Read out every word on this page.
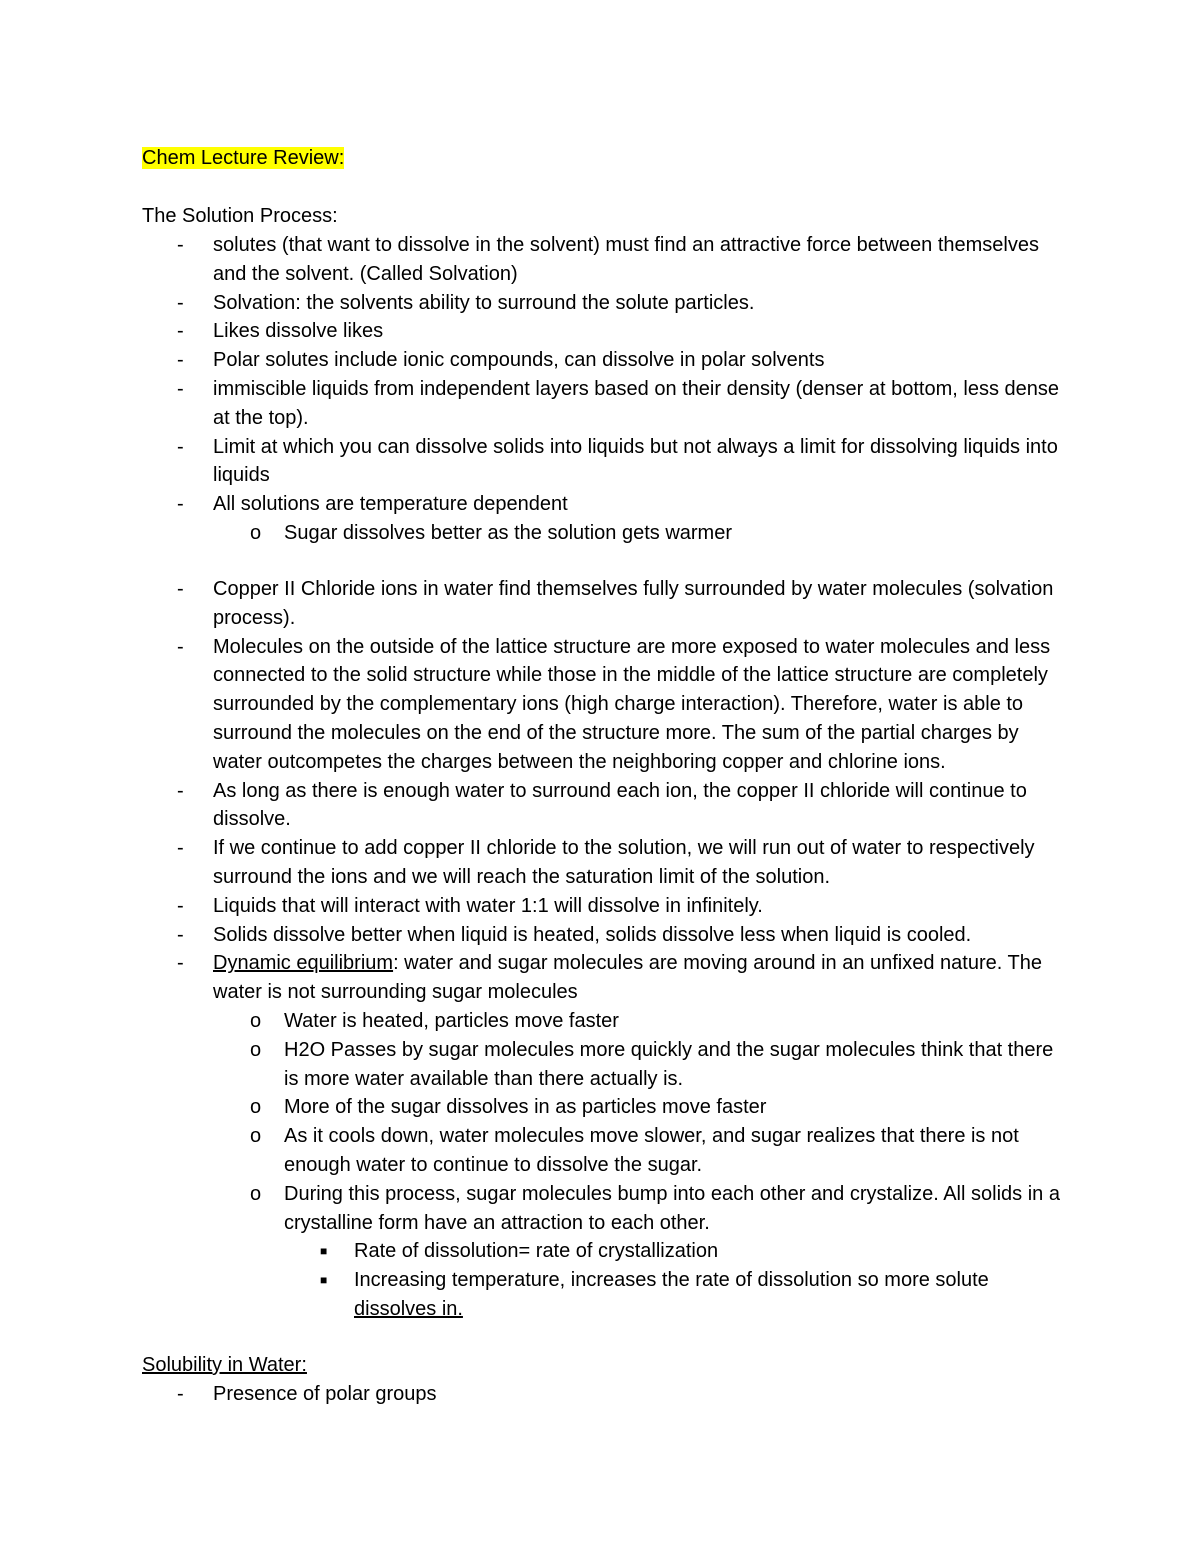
Chem Lecture Review:
The Solution Process:
- solutes (that want to dissolve in the solvent) must find an attractive force between themselves and the solvent. (Called Solvation)
- Solvation: the solvents ability to surround the solute particles.
- Likes dissolve likes
- Polar solutes include ionic compounds, can dissolve in polar solvents
- immiscible liquids from independent layers based on their density (denser at bottom, less dense at the top).
- Limit at which you can dissolve solids into liquids but not always a limit for dissolving liquids into liquids
- All solutions are temperature dependent
o Sugar dissolves better as the solution gets warmer
- Copper II Chloride ions in water find themselves fully surrounded by water molecules (solvation process).
- Molecules on the outside of the lattice structure are more exposed to water molecules and less connected to the solid structure while those in the middle of the lattice structure are completely surrounded by the complementary ions (high charge interaction). Therefore, water is able to surround the molecules on the end of the structure more. The sum of the partial charges by water outcompetes the charges between the neighboring copper and chlorine ions.
- As long as there is enough water to surround each ion, the copper II chloride will continue to dissolve.
- If we continue to add copper II chloride to the solution, we will run out of water to respectively surround the ions and we will reach the saturation limit of the solution.
- Liquids that will interact with water 1:1 will dissolve in infinitely.
- Solids dissolve better when liquid is heated, solids dissolve less when liquid is cooled.
- Dynamic equilibrium: water and sugar molecules are moving around in an unfixed nature. The water is not surrounding sugar molecules
o Water is heated, particles move faster
o H2O Passes by sugar molecules more quickly and the sugar molecules think that there is more water available than there actually is.
o More of the sugar dissolves in as particles move faster
o As it cools down, water molecules move slower, and sugar realizes that there is not enough water to continue to dissolve the sugar.
o During this process, sugar molecules bump into each other and crystalize. All solids in a crystalline form have an attraction to each other.
■ Rate of dissolution= rate of crystallization
■ Increasing temperature, increases the rate of dissolution so more solute dissolves in.
Solubility in Water:
- Presence of polar groups
